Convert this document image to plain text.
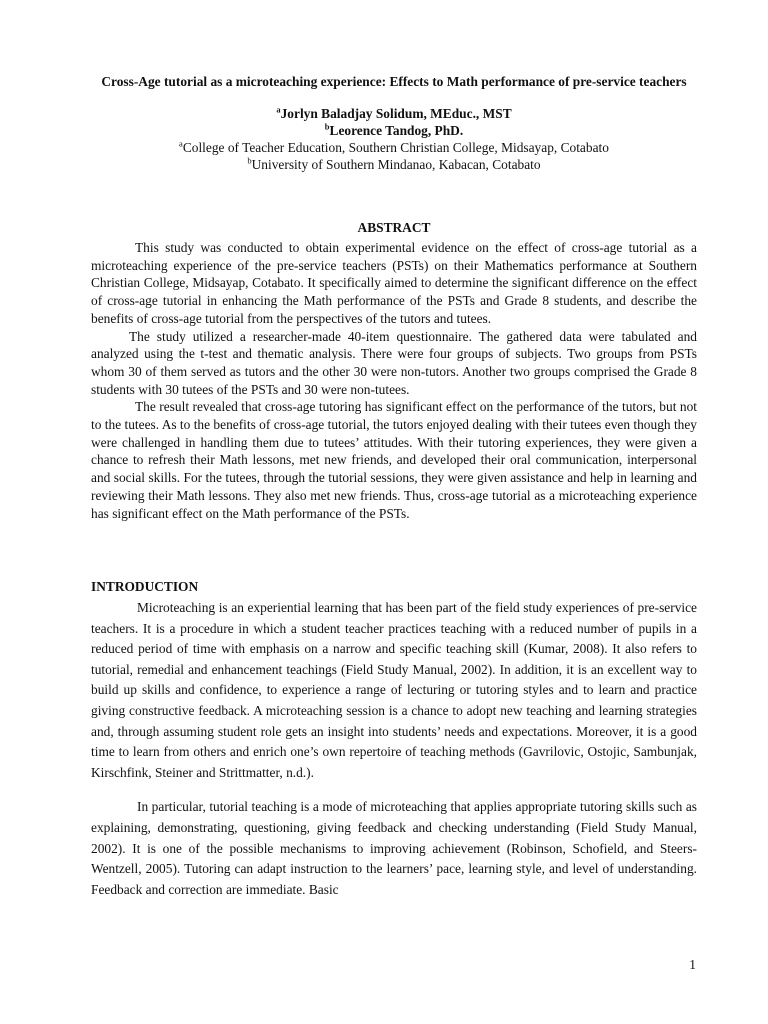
Cross-Age tutorial as a microteaching experience: Effects to Math performance of pre-service teachers
$^a$Jorlyn Baladjay Solidum, MEduc., MST
$^b$Leorence Tandog, PhD.
$^a$College of Teacher Education, Southern Christian College, Midsayap, Cotabato
$^b$University of Southern Mindanao, Kabacan, Cotabato
ABSTRACT

This study was conducted to obtain experimental evidence on the effect of cross-age tutorial as a microteaching experience of the pre-service teachers (PSTs) on their Mathematics performance at Southern Christian College, Midsayap, Cotabato. It specifically aimed to determine the significant difference on the effect of cross-age tutorial in enhancing the Math performance of the PSTs and Grade 8 students, and describe the benefits of cross-age tutorial from the perspectives of the tutors and tutees.

The study utilized a researcher-made 40-item questionnaire. The gathered data were tabulated and analyzed using the t-test and thematic analysis. There were four groups of subjects. Two groups from PSTs whom 30 of them served as tutors and the other 30 were non-tutors. Another two groups comprised the Grade 8 students with 30 tutees of the PSTs and 30 were non-tutees.

The result revealed that cross-age tutoring has significant effect on the performance of the tutors, but not to the tutees. As to the benefits of cross-age tutorial, the tutors enjoyed dealing with their tutees even though they were challenged in handling them due to tutees’ attitudes. With their tutoring experiences, they were given a chance to refresh their Math lessons, met new friends, and developed their oral communication, interpersonal and social skills. For the tutees, through the tutorial sessions, they were given assistance and help in learning and reviewing their Math lessons. They also met new friends. Thus, cross-age tutorial as a microteaching experience has significant effect on the Math performance of the PSTs.

INTRODUCTION

Microteaching is an experiential learning that has been part of the field study experiences of pre-service teachers. It is a procedure in which a student teacher practices teaching with a reduced number of pupils in a reduced period of time with emphasis on a narrow and specific teaching skill (Kumar, 2008). It also refers to tutorial, remedial and enhancement teachings (Field Study Manual, 2002). In addition, it is an excellent way to build up skills and confidence, to experience a range of lecturing or tutoring styles and to learn and practice giving constructive feedback. A microteaching session is a chance to adopt new teaching and learning strategies and, through assuming student role gets an insight into students’ needs and expectations. Moreover, it is a good time to learn from others and enrich one’s own repertoire of teaching methods (Gavrilovic, Ostojic, Sambunjak, Kirschfink, Steiner and Strittmatter, n.d.).

In particular, tutorial teaching is a mode of microteaching that applies appropriate tutoring skills such as explaining, demonstrating, questioning, giving feedback and checking understanding (Field Study Manual, 2002). It is one of the possible mechanisms to improving achievement (Robinson, Schofield, and Steers- Wentzell, 2005). Tutoring can adapt instruction to the learners’ pace, learning style, and level of understanding. Feedback and correction are immediate. Basic

1
